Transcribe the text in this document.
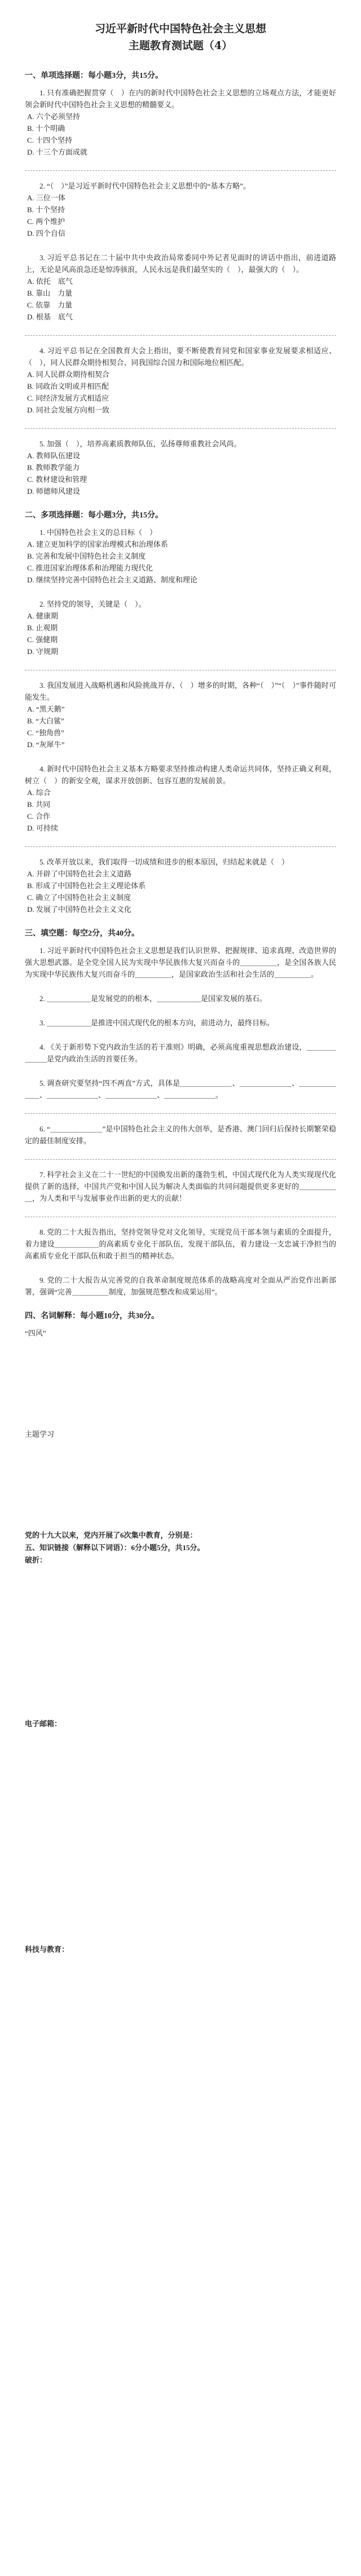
习近平新时代中国特色社会主义思想
主题教育测试题（4）

一、单项选择题：每小题3分，共15分。

1. 只有准确把握贯穿（　）在内的新时代中国特色社会主义思想的立场观点方法，才能更好领会新时代中国特色社会主义思想的精髓要义。

A. 六个必须坚持

B. 十个明确

C. 十四个坚持

D. 十三个方面成就

2. “（　）”是习近平新时代中国特色社会主义思想中的“基本方略”。

A. 三位一体

B. 十个坚持

C. 两个维护

D. 四个自信

3. 习近平总书记在二十届中共中央政治局常委同中外记者见面时的讲话中指出，前进道路上，无论是风高浪急还是惊涛骇浪，人民永远是我们最坚实的（　），最强大的（　）。

A. 依托　底气

B. 靠山　力量

C. 依靠　力量

D. 根基　底气

4. 习近平总书记在全国教育大会上指出，要不断使教育同党和国家事业发展要求相适应、（　），同人民群众期待相契合、同我国综合国力和国际地位相匹配。

A. 同人民群众期待相契合

B. 同政治文明或并相匹配

C. 同经济发展方式相适应

D. 同社会发展方向相一致

5. 加强（　），培养高素质教师队伍，弘扬尊师重教社会风尚。

A. 教师队伍建设

B. 教师教学能力

C. 教材建设和管理

D. 师德师风建设

二、多项选择题：每小题3分，共15分。

1. 中国特色社会主义的总目标（　）

A. 建立更加科学的国家治理模式和治理体系

B. 完善和发展中国特色社会主义制度

C. 推进国家治理体系和治理能力现代化

D. 继续坚持完善中国特色社会主义道路、制度和理论

2. 坚持党的领导，关键是（　）。

A. 健康期

B. 止观期

C. 强健期

D. 守规期

3. 我国发展进入战略机遇和风险挑战并存、（　）增多的时期，各种“（　）”“（　）”事件随时可能发生。

A. “黑天鹅”

B. “大白鲨”

C. “独角兽”

D. “灰犀牛”

4. 新时代中国特色社会主义基本方略要求坚持推动构建人类命运共同体，坚持正确义利观，树立（　）的新安全观，谋求开放创新、包容互惠的发展前景。

A. 综合

B. 共同

C. 合作

D. 可持续

5. 改革开放以来，我们取得一切成绩和进步的根本原因，归结起来就是（　）

A. 开辟了中国特色社会主义道路

B. 形成了中国特色社会主义理论体系

C. 确立了中国特色社会主义制度

D. 发展了中国特色社会主义文化

三、填空题：每空2分，共40分。

1. 习近平新时代中国特色社会主义思想是我们认识世界、把握规律、追求真理、改造世界的强大思想武器。是全党全国人民为实现中华民族伟大复兴而奋斗的＿＿＿＿＿，是全国各族人民为实现中华民族伟大复兴而奋斗的＿＿＿＿＿，是国家政治生活和社会生活的＿＿＿＿＿。

2. ＿＿＿＿＿＿是发展党的的根本，＿＿＿＿＿＿是国家发展的基石。

3. ＿＿＿＿＿＿是推进中国式现代化的根本方向，前进动力，最终目标。

4. 《关于新形势下党内政治生活的若干准则》明确，必须高度重视思想政治建设，＿＿＿＿＿＿＿是党内政治生活的首要任务。

5. 调查研究要坚持“四不两直”方式，具体是＿＿＿＿＿＿＿、＿＿＿＿＿＿＿、＿＿＿＿＿＿＿、＿＿＿＿＿＿＿、＿＿＿＿＿＿＿、＿＿＿＿＿＿＿。

6. “＿＿＿＿＿＿＿”是中国特色社会主义的伟大创举，是香港、澳门回归后保持长期繁荣稳定的最佳制度安排。

7. 科学社会主义在二十一世纪的中国焕发出新的蓬勃生机，中国式现代化为人类实现现代化提供了新的选择，中国共产党和中国人民为解决人类面临的共同问题提供更多更好的＿＿＿＿＿＿，为人类和平与发展事业作出新的更大的贡献！

8. 党的二十大报告指出，坚持党领导党对文化领导，实现党员干部本领与素质的全面提升，着力建设＿＿＿＿＿＿的高素质专业化干部队伍，发现干部队伍，着力建设一支忠诚干净担当的高素质专业化干部队伍和敢于担当的精神状态。

9. 党的二十大报告从完善党的自我革命制度规范体系的战略高度对全面从严治党作出新部署，强调“完善＿＿＿＿＿制度，加强规范整改和成果运用”。

四、名词解释：每小题10分，共30分。

“四风”

主题学习

党的十九大以来，党内开展了6次集中教育，分别是：

五、知识链接（解释以下词语）：6分小题5分，共15分。

破折：

电子邮箱：

科技与教育：
